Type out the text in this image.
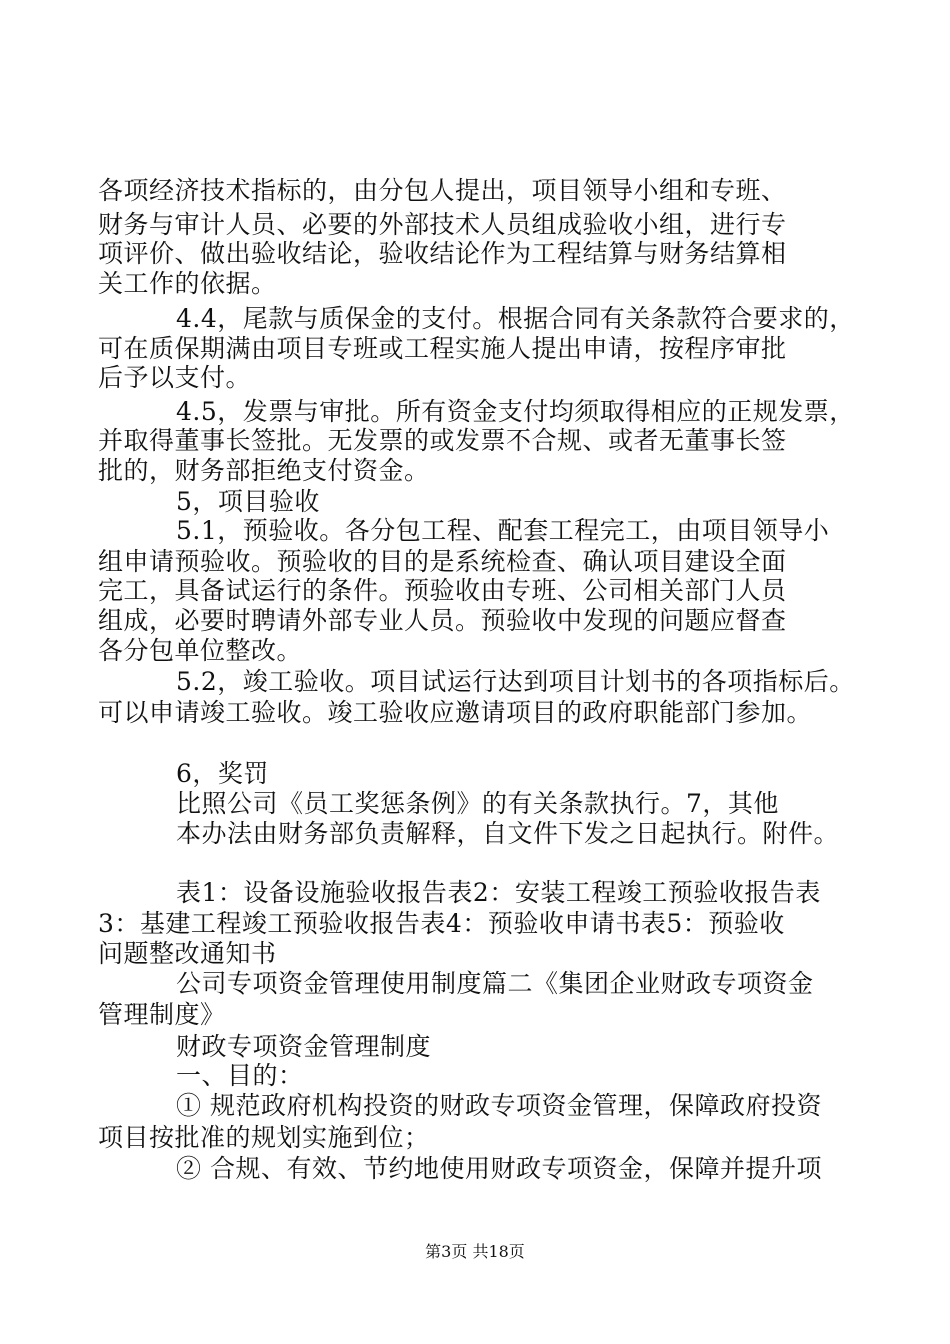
各项经济技术指标的，由分包人提出，项目领导小组和专班、
财务与审计人员、必要的外部技术人员组成验收小组，进行专
项评价、做出验收结论，验收结论作为工程结算与财务结算相
关工作的依据。
4.4，尾款与质保金的支付。根据合同有关条款符合要求的，
可在质保期满由项目专班或工程实施人提出申请，按程序审批
后予以支付。
4.5，发票与审批。所有资金支付均须取得相应的正规发票，
并取得董事长签批。无发票的或发票不合规、或者无董事长签
批的，财务部拒绝支付资金。
5，项目验收
5.1，预验收。各分包工程、配套工程完工，由项目领导小
组申请预验收。预验收的目的是系统检查、确认项目建设全面
完工，具备试运行的条件。预验收由专班、公司相关部门人员
组成，必要时聘请外部专业人员。预验收中发现的问题应督查
各分包单位整改。
5.2，竣工验收。项目试运行达到项目计划书的各项指标后。
可以申请竣工验收。竣工验收应邀请项目的政府职能部门参加。
6，奖罚
比照公司《员工奖惩条例》的有关条款执行。7，其他
本办法由财务部负责解释，自文件下发之日起执行。附件。
表1：设备设施验收报告表2：安装工程竣工预验收报告表
3：基建工程竣工预验收报告表4：预验收申请书表5：预验收
问题整改通知书
公司专项资金管理使用制度篇二《集团企业财政专项资金
管理制度》
财政专项资金管理制度
一、目的：
① 规范政府机构投资的财政专项资金管理，保障政府投资
项目按批准的规划实施到位；
② 合规、有效、节约地使用财政专项资金，保障并提升项
第3页 共18页
